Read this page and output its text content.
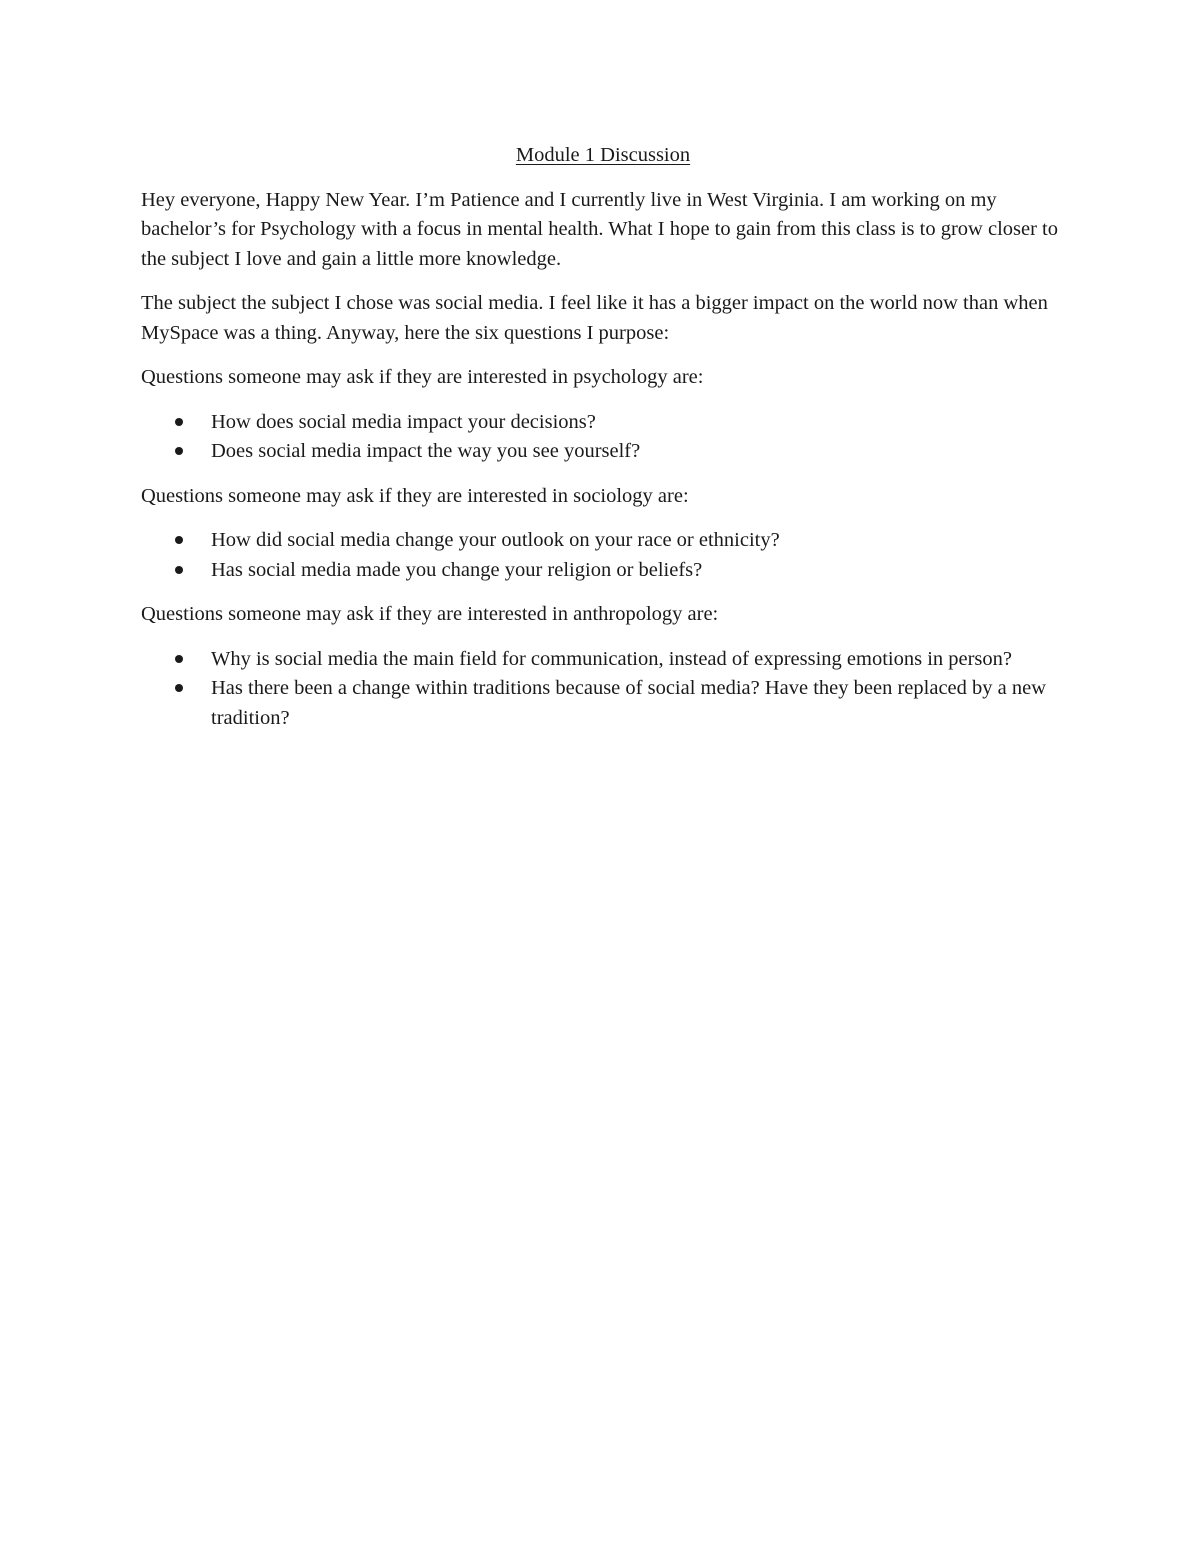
Module 1 Discussion

Hey everyone, Happy New Year. I’m Patience and I currently live in West Virginia. I am working on my bachelor’s for Psychology with a focus in mental health. What I hope to gain from this class is to grow closer to the subject I love and gain a little more knowledge.

The subject the subject I chose was social media. I feel like it has a bigger impact on the world now than when MySpace was a thing. Anyway, here the six questions I purpose:

Questions someone may ask if they are interested in psychology are:

How does social media impact your decisions?
Does social media impact the way you see yourself?

Questions someone may ask if they are interested in sociology are:

How did social media change your outlook on your race or ethnicity?
Has social media made you change your religion or beliefs?

Questions someone may ask if they are interested in anthropology are:

Why is social media the main field for communication, instead of expressing emotions in person?
Has there been a change within traditions because of social media? Have they been replaced by a new tradition?
